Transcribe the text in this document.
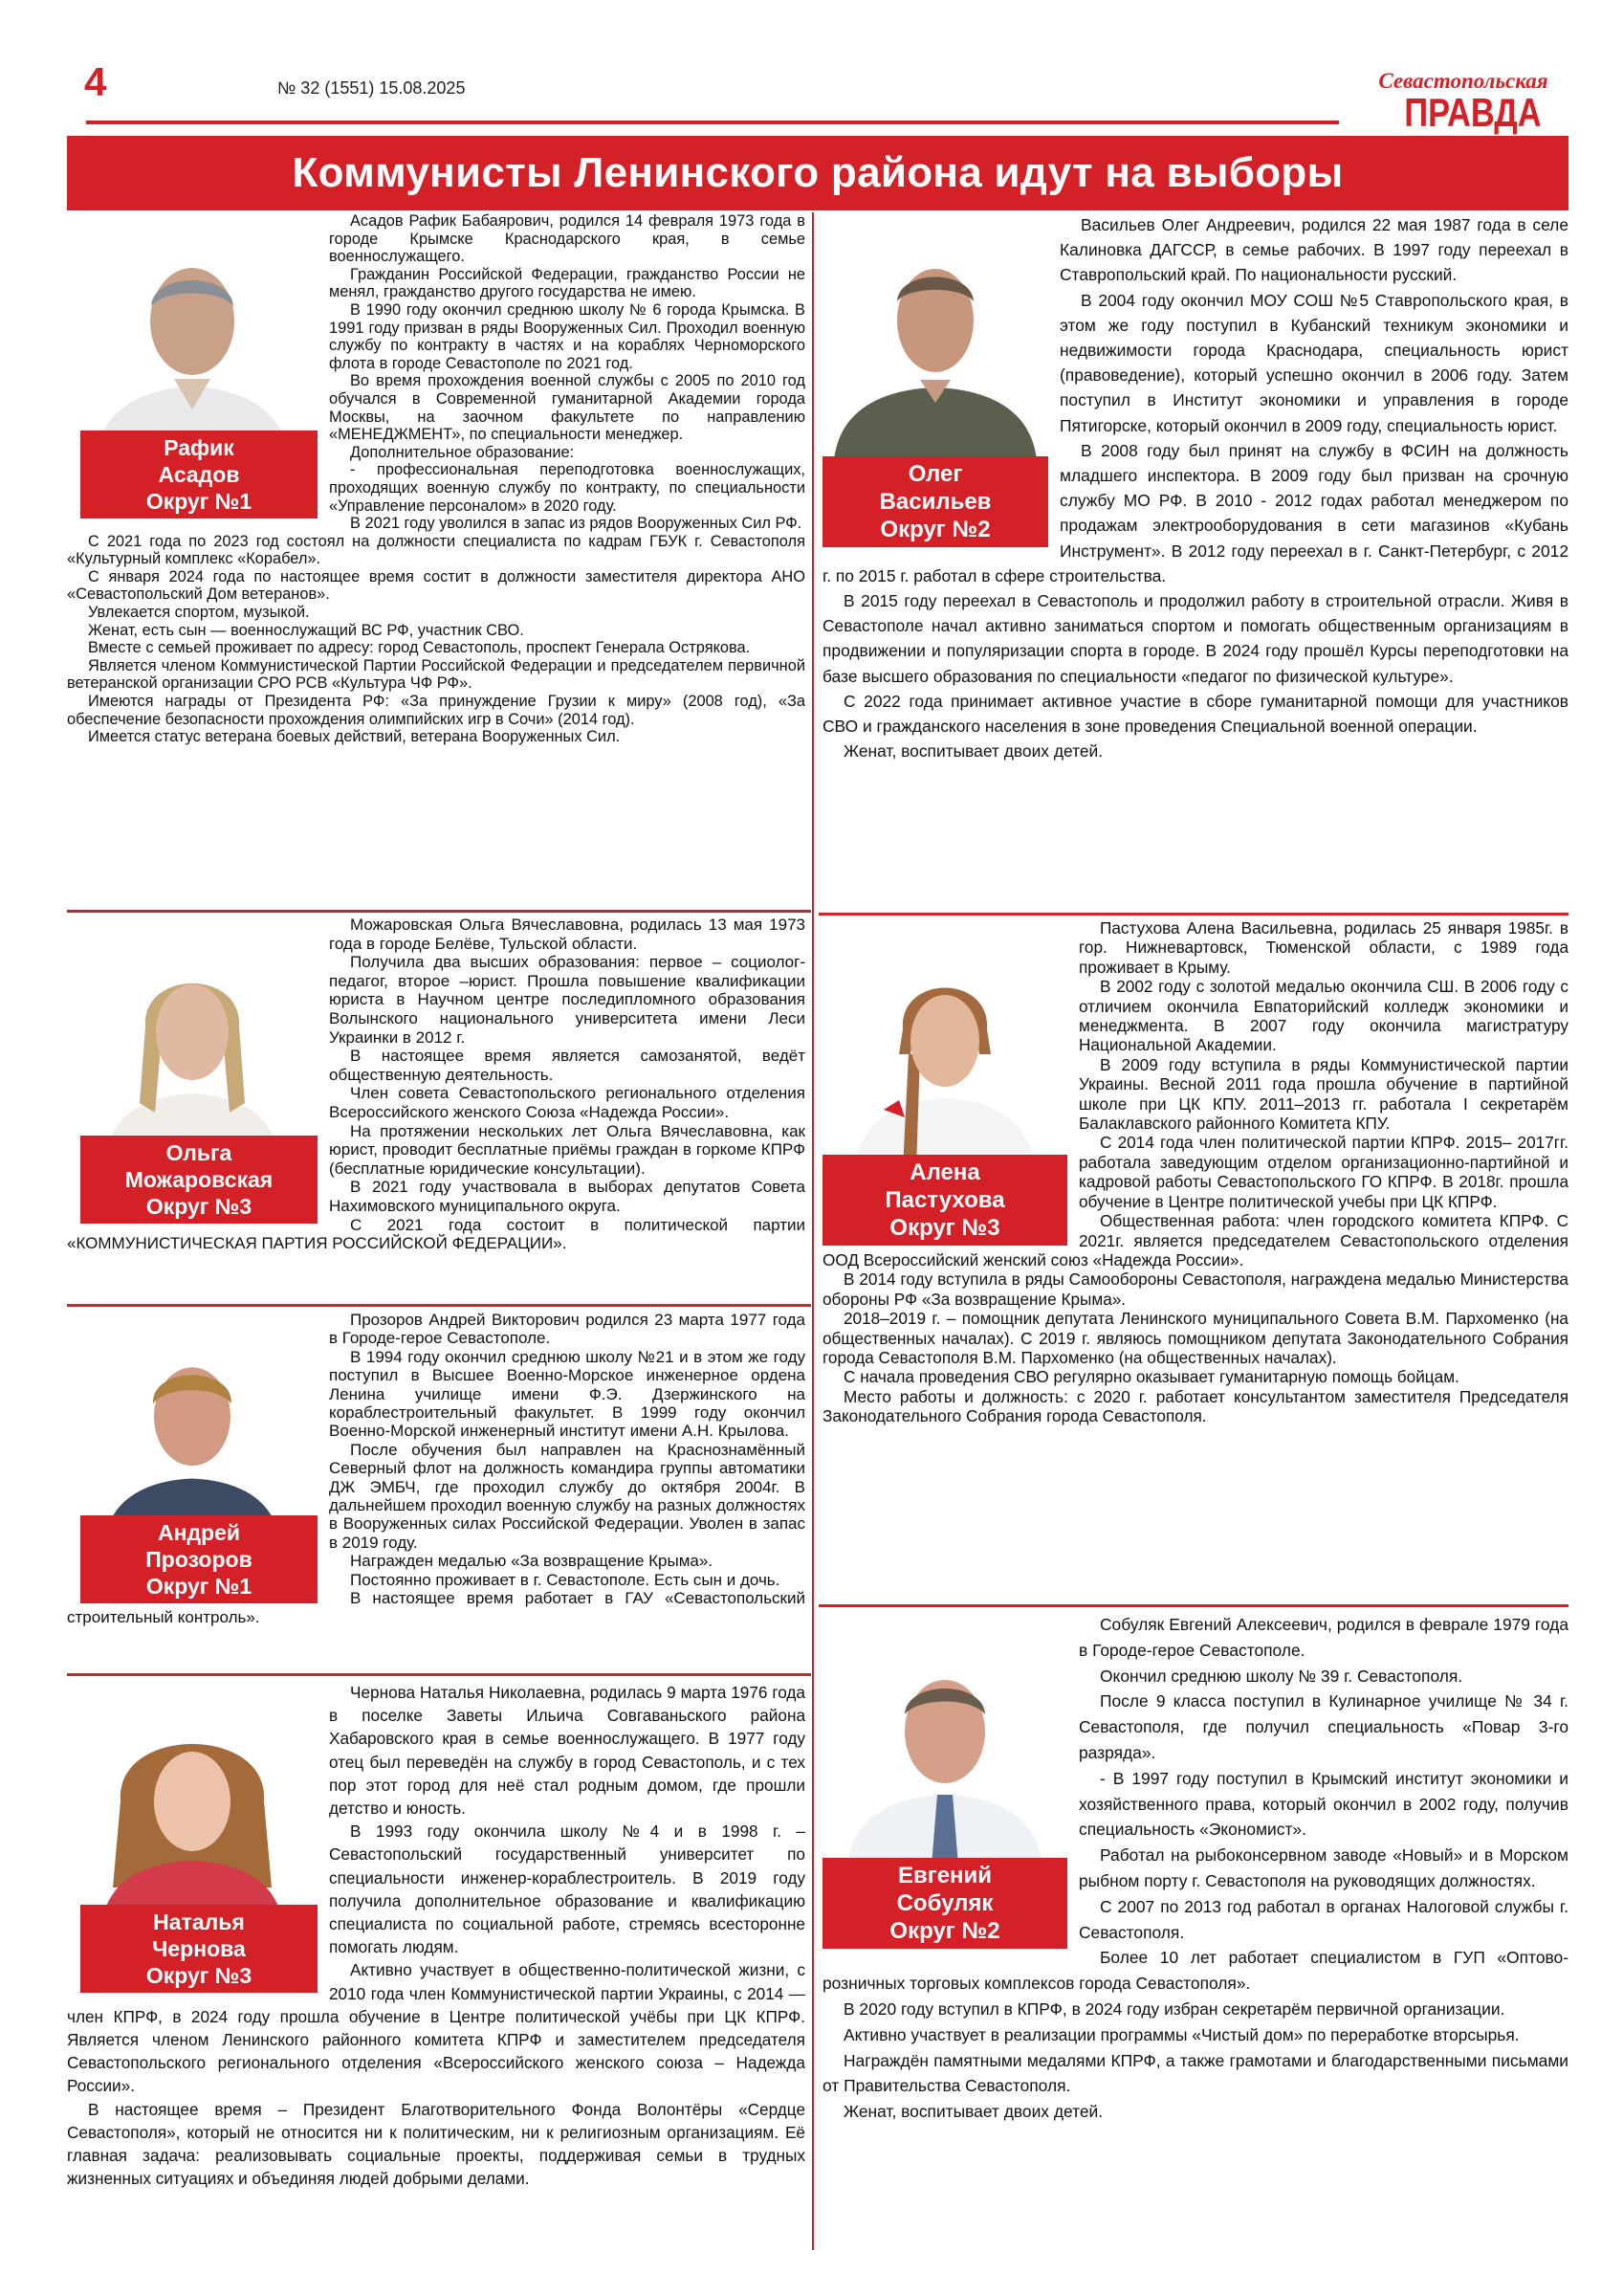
4	№ 32 (1551) 15.08.2025	Севастопольская
ПРАВДА
Коммунисты Ленинского района идут на выборы
Рафик
Асадов
Округ №1

Асадов Рафик Бабаярович, родился 14 февраля 1973 года в городе Крымске Краснодарского края, в семье военнослужащего.

Гражданин Российской Федерации, гражданство России не менял, гражданство другого государства не имею.

В 1990 году окончил среднюю школу № 6 города Крымска. В 1991 году призван в ряды Вооруженных Сил. Проходил военную службу по контракту в частях и на кораблях Черноморского флота в городе Севастополе по 2021 год.

Во время прохождения военной службы с 2005 по 2010 год обучался в Современной гуманитарной Академии города Москвы, на заочном факультете по направлению «МЕНЕДЖМЕНТ», по специальности менеджер.

Дополнительное образование:

- профессиональная переподготовка военнослужащих, проходящих военную службу по контракту, по специальности «Управление персоналом» в 2020 году.

В 2021 году уволился в запас из рядов Вооруженных Сил РФ.

С 2021 года по 2023 год состоял на должности специалиста по кадрам ГБУК г. Севастополя «Культурный комплекс «Корабел».

С января 2024 года по настоящее время состит в должности заместителя директора АНО «Севастопольский Дом ветеранов».

Увлекается спортом, музыкой.

Женат, есть сын — военнослужащий ВС РФ, участник СВО.

Вместе с семьей проживает по адресу: город Севастополь, проспект Генерала Острякова.

Является членом Коммунистической Партии Российской Федерации и председателем первичной ветеранской организации СРО РСВ «Культура ЧФ РФ».

Имеются награды от Президента РФ: «За принуждение Грузии к миру» (2008 год), «За обеспечение безопасности прохождения олимпийских игр в Сочи» (2014 год).

Имеется статус ветерана боевых действий, ветерана Вооруженных Сил.

Олег
Васильев
Округ №2

Васильев Олег Андреевич, родился 22 мая 1987 года в селе Калиновка ДАГССР, в семье рабочих. В 1997 году переехал в Ставропольский край. По национальности русский.

В 2004 году окончил МОУ СОШ №5 Ставропольского края, в этом же году поступил в Кубанский техникум экономики и недвижимости города Краснодара, специальность юрист (правоведение), который успешно окончил в 2006 году. Затем поступил в Институт экономики и управления в городе Пятигорске, который окончил в 2009 году, специальность юрист.

В 2008 году был принят на службу в ФСИН на должность младшего инспектора. В 2009 году был призван на срочную службу МО РФ. В 2010 - 2012 годах работал менеджером по продажам электрооборудования в сети магазинов «Кубань Инструмент». В 2012 году переехал в г. Санкт-Петербург, с 2012 г. по 2015 г. работал в сфере строительства.

В 2015 году переехал в Севастополь и продолжил работу в строительной отрасли. Живя в Севастополе начал активно заниматься спортом и помогать общественным организациям в продвижении и популяризации спорта в городе. В 2024 году прошёл Курсы переподготовки на базе высшего образования по специальности «педагог по физической культуре».

С 2022 года принимает активное участие в сборе гуманитарной помощи для участников СВО и гражданского населения в зоне проведения Специальной военной операции.

Женат, воспитывает двоих детей.

Ольга
Можаровская
Округ №3

Можаровская Ольга Вячеславовна, родилась 13 мая 1973 года в городе Белёве, Тульской области.

Получила два высших образования: первое – социолог-педагог, второе –юрист. Прошла повышение квалификации юриста в Научном центре последипломного образования Волынского национального университета имени Леси Украинки в 2012 г.

В настоящее время является самозанятой, ведёт общественную деятельность.

Член совета Севастопольского регионального отделения Всероссийского женского Союза «Надежда России».

На протяжении нескольких лет Ольга Вячеславовна, как юрист, проводит бесплатные приёмы граждан в горкоме КПРФ (бесплатные юридические консультации).

В 2021 году участвовала в выборах депутатов Совета Нахимовского муниципального округа.

С 2021 года состоит в политической партии «КОММУНИСТИЧЕСКАЯ ПАРТИЯ РОССИЙСКОЙ ФЕДЕРАЦИИ».

Алена
Пастухова
Округ №3

Пастухова Алена Васильевна, родилась 25 января 1985г. в гор. Нижневартовск, Тюменской области, с 1989 года проживает в Крыму.

В 2002 году с золотой медалью окончила СШ. В 2006 году с отличием окончила Евпаторийский колледж экономики и менеджмента. В 2007 году окончила магистратуру Национальной Академии.

В 2009 году вступила в ряды Коммунистической партии Украины. Весной 2011 года прошла обучение в партийной школе при ЦК КПУ. 2011–2013 гг. работала I секретарём Балаклавского районного Комитета КПУ.

С 2014 года член политической партии КПРФ. 2015– 2017гг. работала заведующим отделом организационно-партийной и кадровой работы Севастопольского ГО КПРФ. В 2018г. прошла обучение в Центре политической учебы при ЦК КПРФ.

Общественная работа: член городского комитета КПРФ. С 2021г. является председателем Севастопольского отделения ООД Всероссийский женский союз «Надежда России».

В 2014 году вступила в ряды Самообороны Севастополя, награждена медалью Министерства обороны РФ «За возвращение Крыма».

2018–2019 г. – помощник депутата Ленинского муниципального Совета В.М. Пархоменко (на общественных началах). С 2019 г. являюсь помощником депутата Законодательного Собрания города Севастополя В.М. Пархоменко (на общественных началах).

С начала проведения СВО регулярно оказывает гуманитарную помощь бойцам.

Место работы и должность: с 2020 г. работает консультантом заместителя Председателя Законодательного Собрания города Севастополя.

Андрей
Прозоров
Округ №1

Прозоров Андрей Викторович родился 23 марта 1977 года в Городе-герое Севастополе.

В 1994 году окончил среднюю школу №21 и в этом же году поступил в Высшее Военно-Морское инженерное ордена Ленина училище имени Ф.Э. Дзержинского на кораблестроительный факультет. В 1999 году окончил Военно-Морской инженерный институт имени А.Н. Крылова.

После обучения был направлен на Краснознамённый Северный флот на должность командира группы автоматики ДЖ ЭМБЧ, где проходил службу до октября 2004г. В дальнейшем проходил военную службу на разных должностях в Вооруженных силах Российской Федерации. Уволен в запас в 2019 году.

Награжден медалью «За возвращение Крыма».

Постоянно проживает в г. Севастополе. Есть сын и дочь.

В настоящее время работает в ГАУ «Севастопольский строительный контроль».

Наталья
Чернова
Округ №3

Чернова Наталья Николаевна, родилась 9 марта 1976 года в поселке Заветы Ильича Совгаваньского района Хабаровского края в семье военнослужащего. В 1977 году отец был переведён на службу в город Севастополь, и с тех пор этот город для неё стал родным домом, где прошли детство и юность.

В 1993 году окончила школу №4 и в 1998 г. – Севастопольский государственный университет по специальности инженер-кораблестроитель. В 2019 году получила дополнительное образование и квалификацию специалиста по социальной работе, стремясь всесторонне помогать людям.

Активно участвует в общественно-политической жизни, с 2010 года член Коммунистической партии Украины, с 2014 — член КПРФ, в 2024 году прошла обучение в Центре политической учёбы при ЦК КПРФ. Является членом Ленинского районного комитета КПРФ и заместителем председателя Севастопольского регионального отделения «Всероссийского женского союза – Надежда России».

В настоящее время – Президент Благотворительного Фонда Волонтёры «Сердце Севастополя», который не относится ни к политическим, ни к религиозным организациям. Её главная задача: реализовывать социальные проекты, поддерживая семьи в трудных жизненных ситуациях и объединяя людей добрыми делами.

Евгений
Собуляк
Округ №2

Собуляк Евгений Алексеевич, родился в феврале 1979 года в Городе-герое Севастополе.

Окончил среднюю школу № 39 г. Севастополя.

После 9 класса поступил в Кулинарное училище № 34 г. Севастополя, где получил специальность «Повар 3-го разряда».

- В 1997 году поступил в Крымский институт экономики и хозяйственного права, который окончил в 2002 году, получив специальность «Экономист».

Работал на рыбоконсервном заводе «Новый» и в Морском рыбном порту г. Севастополя на руководящих должностях.

С 2007 по 2013 год работал в органах Налоговой службы г. Севастополя.

Более 10 лет работает специалистом в ГУП «Оптово-розничных торговых комплексов города Севастополя».

В 2020 году вступил в КПРФ, в 2024 году избран секретарём первичной организации.

Активно участвует в реализации программы «Чистый дом» по переработке вторсырья.

Награждён памятными медалями КПРФ, а также грамотами и благодарственными письмами от Правительства Севастополя.

Женат, воспитывает двоих детей.
